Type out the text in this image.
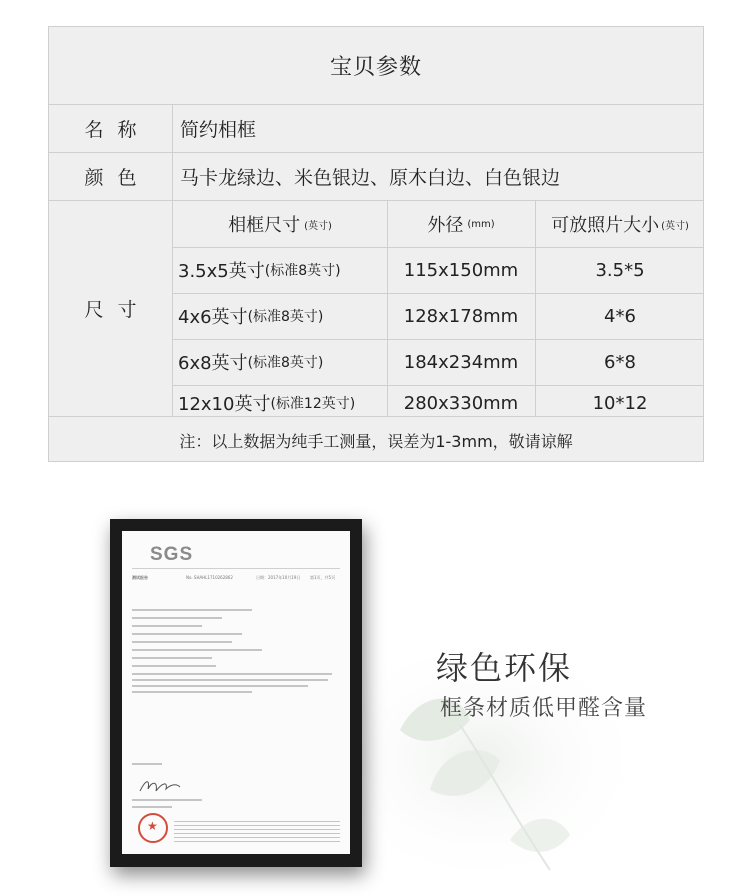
宝贝参数
名称	简约相框
颜色	马卡龙绿边、米色银边、原木白边、白色银边
尺寸
相框尺寸 (英寸)	外径 (mm)	可放照片大小 (英寸)
3.5x5英寸 (标准8英寸)	115x150mm	3.5*5
4x6英寸 (标准8英寸)	128x178mm	4*6
6x8英寸 (标准8英寸)	184x234mm	6*8
12x10英寸 (标准12英寸)	280x330mm	10*12
注：以上数据为纯手工测量，误差为1-3mm，敬请谅解
绿色环保
框条材质低甲醛含量
SGS
测试报告	No. SHAHL1710262862	日期：2017年10月19日 第1页，共5页
★
